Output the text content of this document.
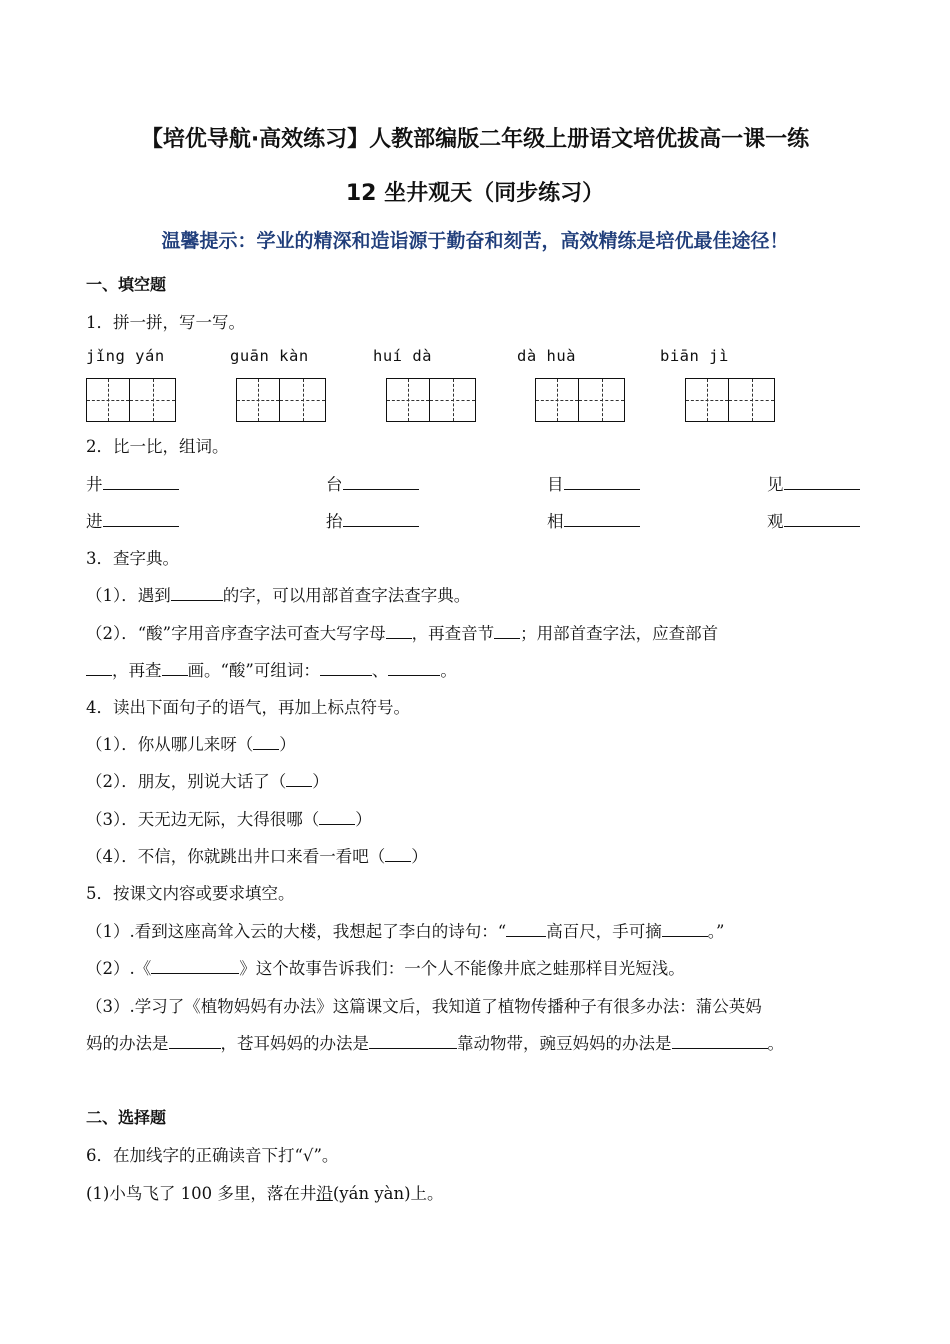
【培优导航·高效练习】人教部编版二年级上册语文培优拔高一课一练
12 坐井观天（同步练习）
温馨提示：学业的精深和造诣源于勤奋和刻苦，高效精练是培优最佳途径！
一、填空题
1．拼一拼，写一写。
jǐng yán	guān kàn	huí dà	dà huà	biān jì
2．比一比，组词。
井	台	目	见
进	抬	相	观
3．查字典。
（1）．遇到	的字，可以用部首查字法查字典。
（2）．“酸”字用音序查字法可查大写字母 ，再查音节 ；用部首查字法，应查部首
，再查 画。“酸”可组词：	、	。
4．读出下面句子的语气，再加上标点符号。
（1）．你从哪儿来呀（ ）
（2）．朋友，别说大话了（ ）
（3）．天无边无际，大得很哪（ ）
（4）．不信，你就跳出井口来看一看吧（ ）
5．按课文内容或要求填空。
（1）.看到这座高耸入云的大楼，我想起了李白的诗句：“ 高百尺，手可摘	。”
（2）.《	》这个故事告诉我们：一个人不能像井底之蛙那样目光短浅。
（3）.学习了《植物妈妈有办法》这篇课文后，我知道了植物传播种子有很多办法：蒲公英妈
妈的办法是	，苍耳妈妈的办法是	靠动物带，豌豆妈妈的办法是	。
二、选择题
6．在加线字的正确读音下打“√”。
(1)小鸟飞了 100 多里，落在井沿(yán yàn)上。
